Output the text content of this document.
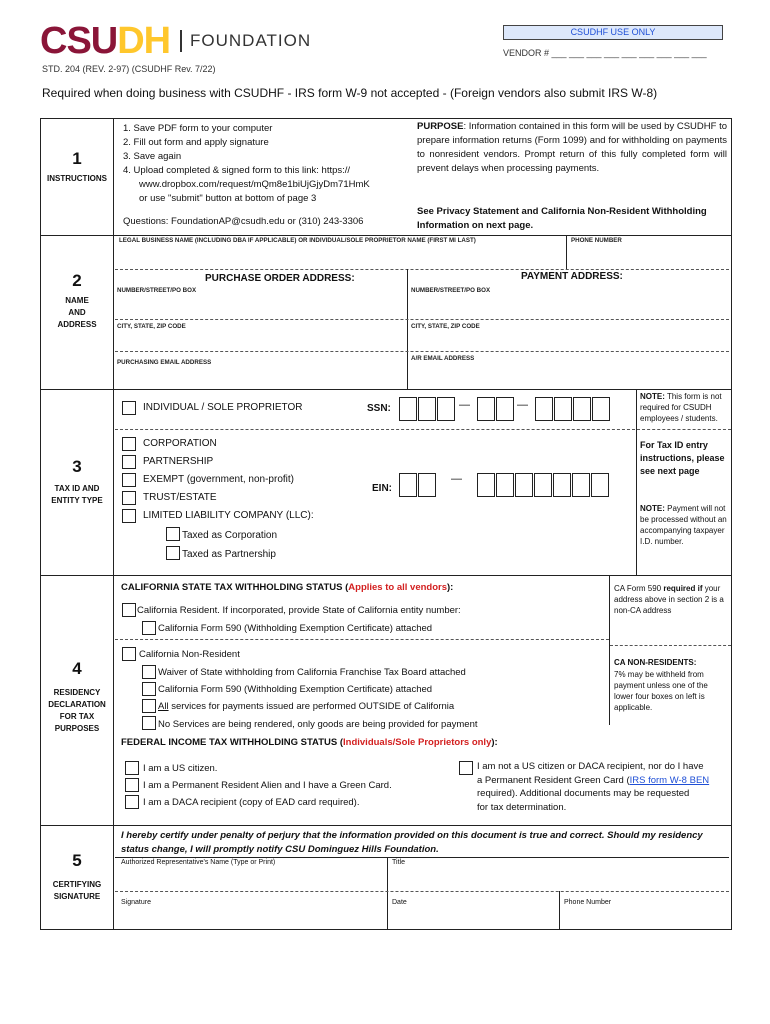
CSUDH FOUNDATION	CSUDHF USE ONLY
VENDOR # ___ ___ ___ ___ ___ ___ ___ ___ ___
STD. 204 (REV. 2-97) (CSUDHF Rev. 7/22)
Required when doing business with CSUDHF - IRS form W-9 not accepted - (Foreign vendors also submit IRS W-8)
1
INSTRUCTIONS
1. Save PDF form to your computer
2. Fill out form and apply signature
3. Save again
4. Upload completed & signed form to this link: https://
www.dropbox.com/request/mQm8e1biUjGjyDm71HmK
or use "submit" button at bottom of page 3
Questions: FoundationAP@csudh.edu or (310) 243-3306
PURPOSE: Information contained in this form will be used by CSUDHF to prepare information returns (Form 1099) and for withholding on payments to nonresident vendors. Prompt return of this fully completed form will prevent delays when processing payments.
See Privacy Statement and California Non-Resident Withholding Information on next page.
2
NAME
AND
ADDRESS
LEGAL BUSINESS NAME (INCLUDING DBA IF APPLICABLE) OR INDIVIDUAL/SOLE PROPRIETOR NAME (FIRST MI LAST)	PHONE NUMBER
PURCHASE ORDER ADDRESS:	PAYMENT ADDRESS:
NUMBER/STREET/PO BOX	NUMBER/STREET/PO BOX
CITY, STATE, ZIP CODE	CITY, STATE, ZIP CODE
PURCHASING EMAIL ADDRESS
A/R EMAIL ADDRESS
3
TAX ID AND
ENTITY TYPE
INDIVIDUAL / SOLE PROPRIETOR	SSN:	—	—
CORPORATION
PARTNERSHIP
EXEMPT (government, non-profit)
TRUST/ESTATE
LIMITED LIABILITY COMPANY (LLC):
Taxed as Corporation
Taxed as Partnership
EIN:
—
NOTE: This form is not required for CSUDH employees / students.
For Tax ID entry instructions, please see next page
NOTE: Payment will not be processed without an accompanying taxpayer I.D. number.
4
RESIDENCY
DECLARATION
FOR TAX
PURPOSES
CALIFORNIA STATE TAX WITHHOLDING STATUS (Applies to all vendors):
California Resident. If incorporated, provide State of California entity number:
California Form 590 (Withholding Exemption Certificate) attached
California Non-Resident
Waiver of State withholding from California Franchise Tax Board attached
California Form 590 (Withholding Exemption Certificate) attached
All services for payments issued are performed OUTSIDE of California
No Services are being rendered, only goods are being provided for payment
CA Form 590 required if your address above in section 2 is a non-CA address
CA NON-RESIDENTS:
7% may be withheld from payment unless one of the lower four boxes on left is applicable.
FEDERAL INCOME TAX WITHHOLDING STATUS (Individuals/Sole Proprietors only):
I am a US citizen.
I am a Permanent Resident Alien and I have a Green Card.
I am a DACA recipient (copy of EAD card required).
I am not a US citizen or DACA recipient, nor do I have
a Permanent Resident Green Card (IRS form W-8 BEN
required). Additional documents may be requested
for tax determination.
5
CERTIFYING
SIGNATURE
I hereby certify under penalty of perjury that the information provided on this document is true and correct. Should my residency status change, I will promptly notify CSU Dominguez Hills Foundation.
Authorized Representative's Name (Type or Print)	Title
Signature	Date	Phone Number
